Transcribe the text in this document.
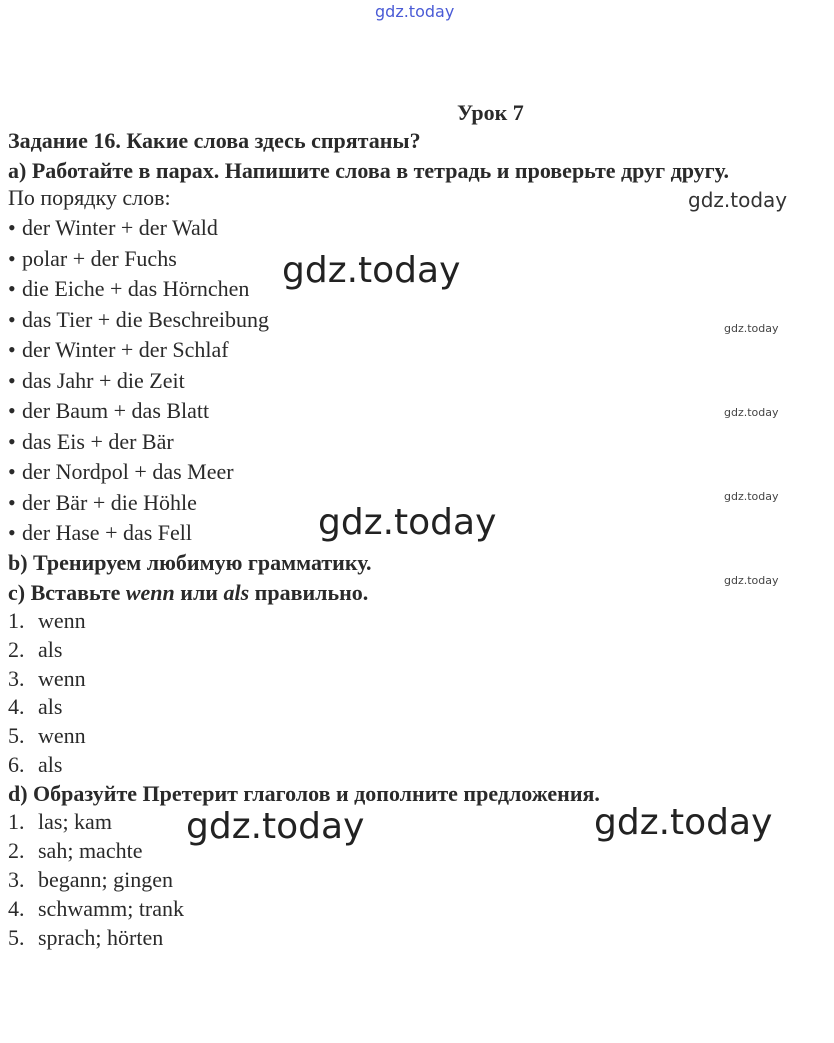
gdz.today
gdz.today
gdz.today
gdz.today
gdz.today
gdz.today
gdz.today
gdz.today
gdz.today	gdz.today
Урок 7
Задание 16. Какие слова здесь спрятаны?
а) Работайте в парах. Напишите слова в тетрадь и проверьте друг другу.
По порядку слов:
• der Winter + der Wald
• polar + der Fuchs
• die Eiche + das Hörnchen
• das Tier + die Beschreibung
• der Winter + der Schlaf
• das Jahr + die Zeit
• der Baum + das Blatt
• das Eis + der Bär
• der Nordpol + das Meer
• der Bär + die Höhle
• der Hase + das Fell
b) Тренируем любимую грамматику.
с) Вставьте wenn или als правильно.
1. wenn
2. als
3. wenn
4. als
5. wenn
6. als
d) Образуйте Претерит глаголов и дополните предложения.
1. las; kam
2. sah; machte
3. begann; gingen
4. schwamm; trank
5. sprach; hörten
